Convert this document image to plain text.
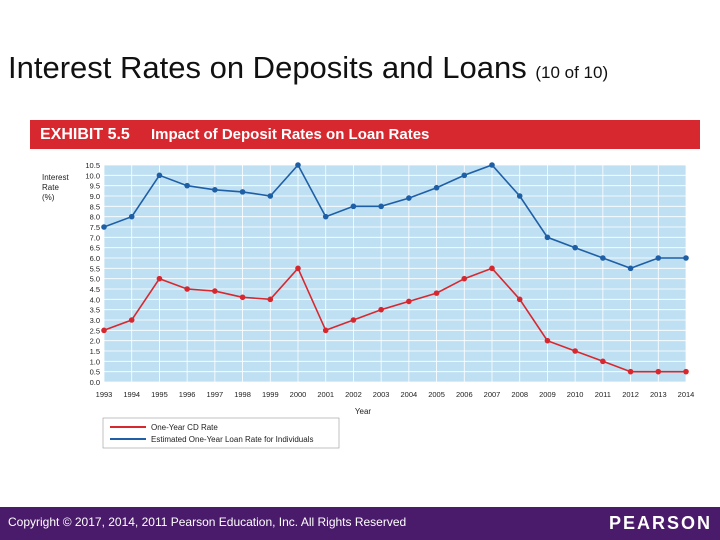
Interest Rates on Deposits and Loans (10 of 10)
EXHIBIT 5.5 Impact of Deposit Rates on Loan Rates
Interest
Rate
(%)
Year
0.0
0.5
1.0
1.5
2.0
2.5
3.0
3.5
4.0
4.5
5.0
5.5
6.0
6.5
7.0
7.5
8.0
8.5
9.0
9.5
10.0
10.5
1993 1994 1995 1996 1997 1998 1999 2000 2001 2002 2003 2004 2005 2006 2007 2008 2009 2010 2011 2012 2013 2014
One-Year CD Rate
Estimated One-Year Loan Rate for Individuals
Copyright © 2017, 2014, 2011 Pearson Education, Inc. All Rights Reserved	PEARSON
